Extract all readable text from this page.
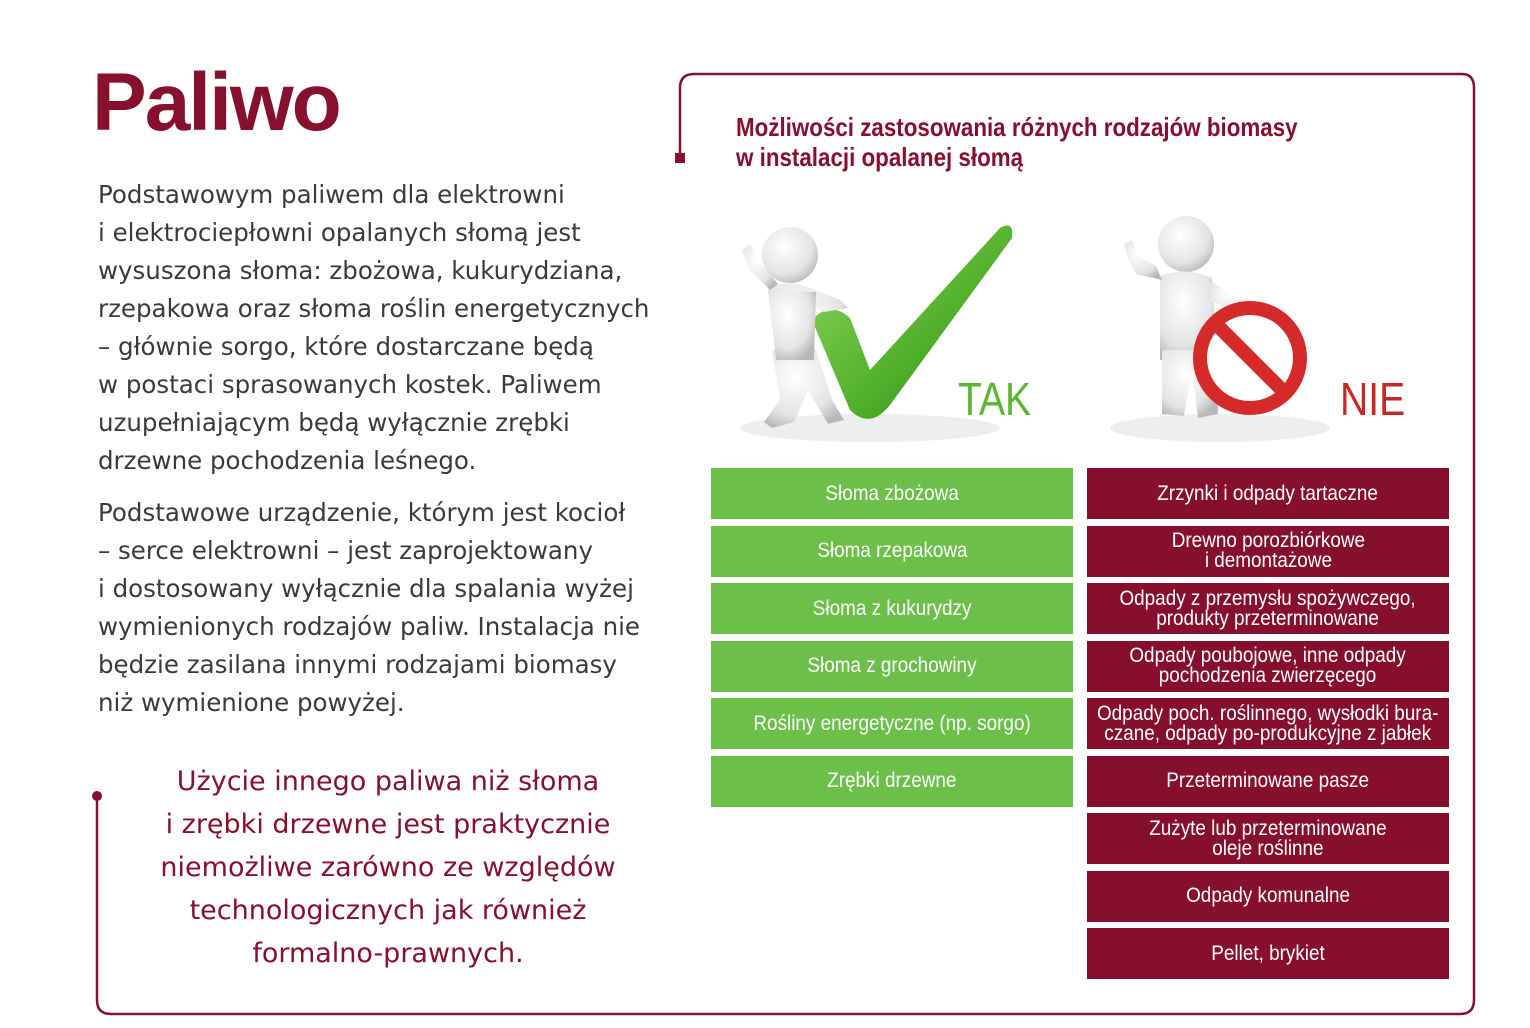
Paliwo
Podstawowym paliwem dla elektrowni
i elektrociepłowni opalanych słomą jest
wysuszona słoma: zbożowa, kukurydziana,
rzepakowa oraz słoma roślin energetycznych
– głównie sorgo, które dostarczane będą
w postaci sprasowanych kostek. Paliwem
uzupełniającym będą wyłącznie zrębki
drzewne pochodzenia leśnego.
Podstawowe urządzenie, którym jest kocioł
– serce elektrowni – jest zaprojektowany
i dostosowany wyłącznie dla spalania wyżej
wymienionych rodzajów paliw. Instalacja nie
będzie zasilana innymi rodzajami biomasy
niż wymienione powyżej.
Użycie innego paliwa niż słoma
i zrębki drzewne jest praktycznie
niemożliwe zarówno ze względów
technologicznych jak również
formalno-prawnych.
Możliwości zastosowania różnych rodzajów biomasy
w instalacji opalanej słomą
TAK	NIE
Słoma zbożowa
Słoma rzepakowa
Słoma z kukurydzy
Słoma z grochowiny
Rośliny energetyczne (np. sorgo)
Zrębki drzewne
Zrzynki i odpady tartaczne
Drewno porozbiórkowe
i demontażowe
Odpady z przemysłu spożywczego,
produkty przeterminowane
Odpady poubojowe, inne odpady
pochodzenia zwierzęcego
Odpady poch. roślinnego, wysłodki bura-
czane, odpady po-produkcyjne z jabłek
Przeterminowane pasze
Zużyte lub przeterminowane
oleje roślinne
Odpady komunalne
Pellet, brykiet
